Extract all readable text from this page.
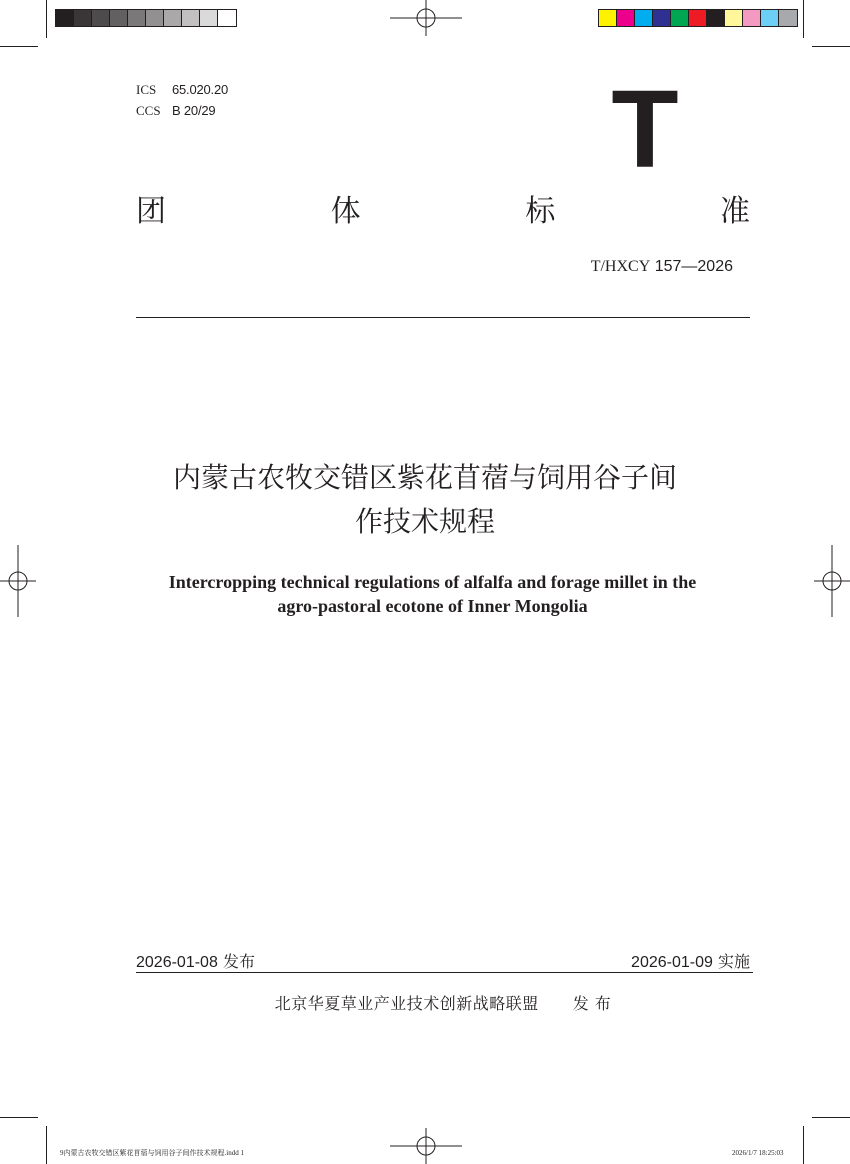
ICS 65.020.20
CCS B 20/29	T
团	体	标	准
T/HXCY 157—2026
内蒙古农牧交错区紫花苜蓿与饲用谷子间
作技术规程
Intercropping technical regulations of alfalfa and forage millet in the
agro-pastoral ecotone of Inner Mongolia
2026-01-08 发布	2026-01-09 实施
北京华夏草业产业技术创新战略联盟 发 布
9内蒙古农牧交错区紫花苜蓿与饲用谷子间作技术规程.indd 1	2026/1/7 18:25:03
